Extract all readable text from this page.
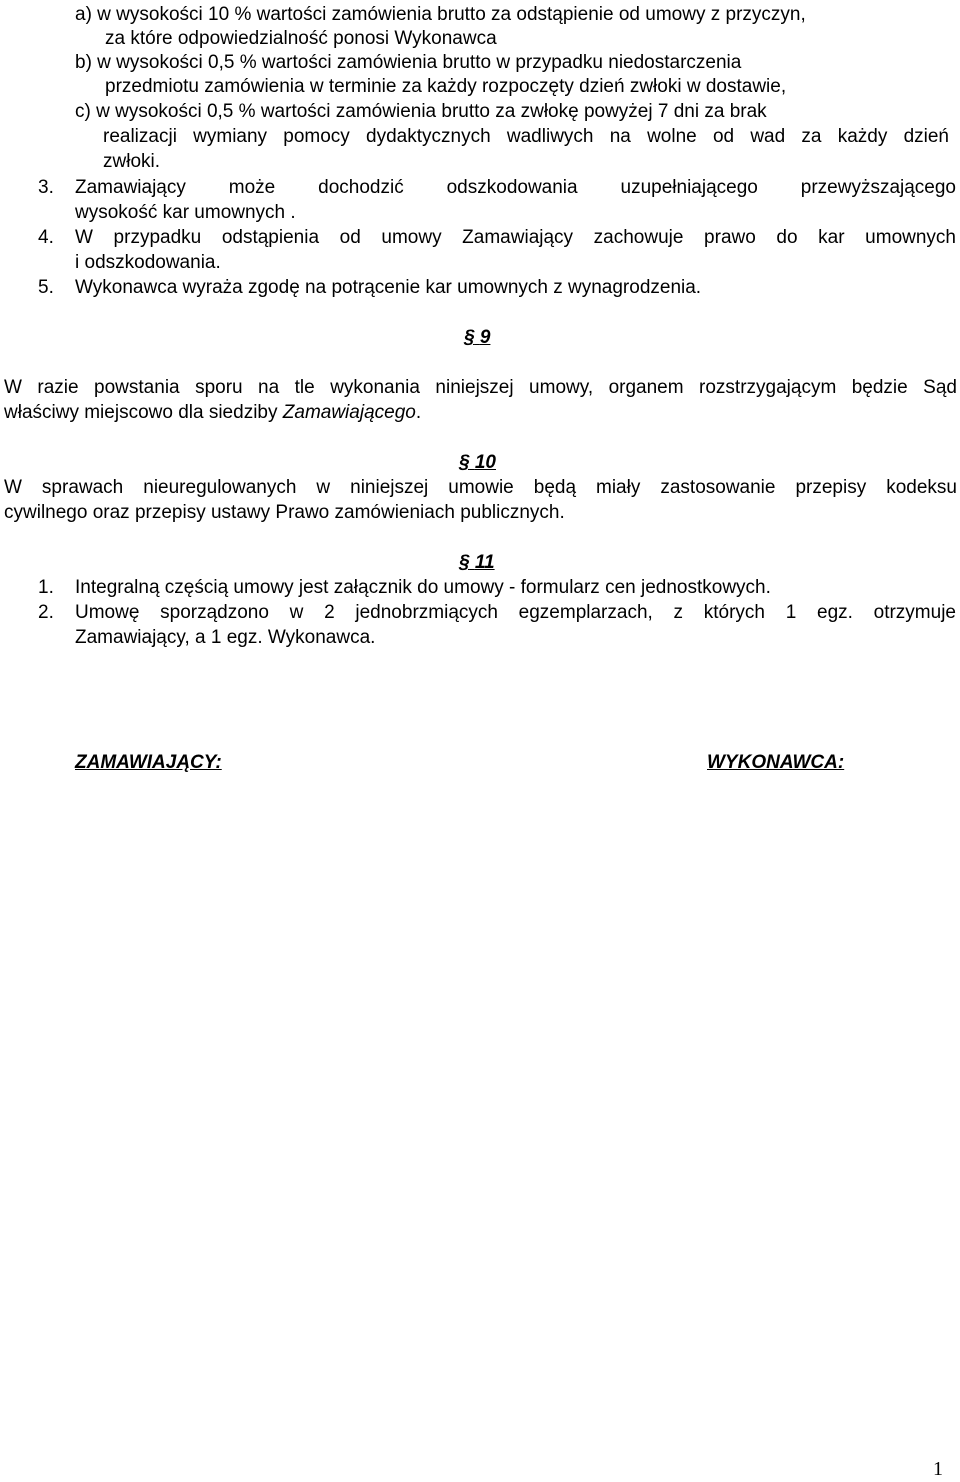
a) w wysokości 10 % wartości zamówienia brutto za odstąpienie od umowy z przyczyn,
za które odpowiedzialność ponosi Wykonawca
b) w wysokości 0,5 % wartości zamówienia brutto w przypadku niedostarczenia
przedmiotu zamówienia w terminie za każdy rozpoczęty dzień zwłoki w dostawie,
c) w wysokości 0,5 % wartości zamówienia brutto za zwłokę powyżej 7 dni za brak
realizacji wymiany pomocy dydaktycznych wadliwych na wolne od wad za każdy dzień
zwłoki.
3. Zamawiający może dochodzić odszkodowania uzupełniającego przewyższającego
wysokość kar umownych .
4. W przypadku odstąpienia od umowy Zamawiający zachowuje prawo do kar umownych
i odszkodowania.
5. Wykonawca wyraża zgodę na potrącenie kar umownych z wynagrodzenia.
§ 9
W razie powstania sporu na tle wykonania niniejszej umowy, organem rozstrzygającym będzie Sąd
właściwy miejscowo dla siedziby Zamawiającego.
§ 10
W sprawach nieuregulowanych w niniejszej umowie będą miały zastosowanie przepisy kodeksu
cywilnego oraz przepisy ustawy Prawo zamówieniach publicznych.
§ 11
1. Integralną częścią umowy jest załącznik do umowy - formularz cen jednostkowych.
2. Umowę sporządzono w 2 jednobrzmiących egzemplarzach, z których 1 egz. otrzymuje
Zamawiający, a 1 egz. Wykonawca.
ZAMAWIAJĄCY:	WYKONAWCA:
1
